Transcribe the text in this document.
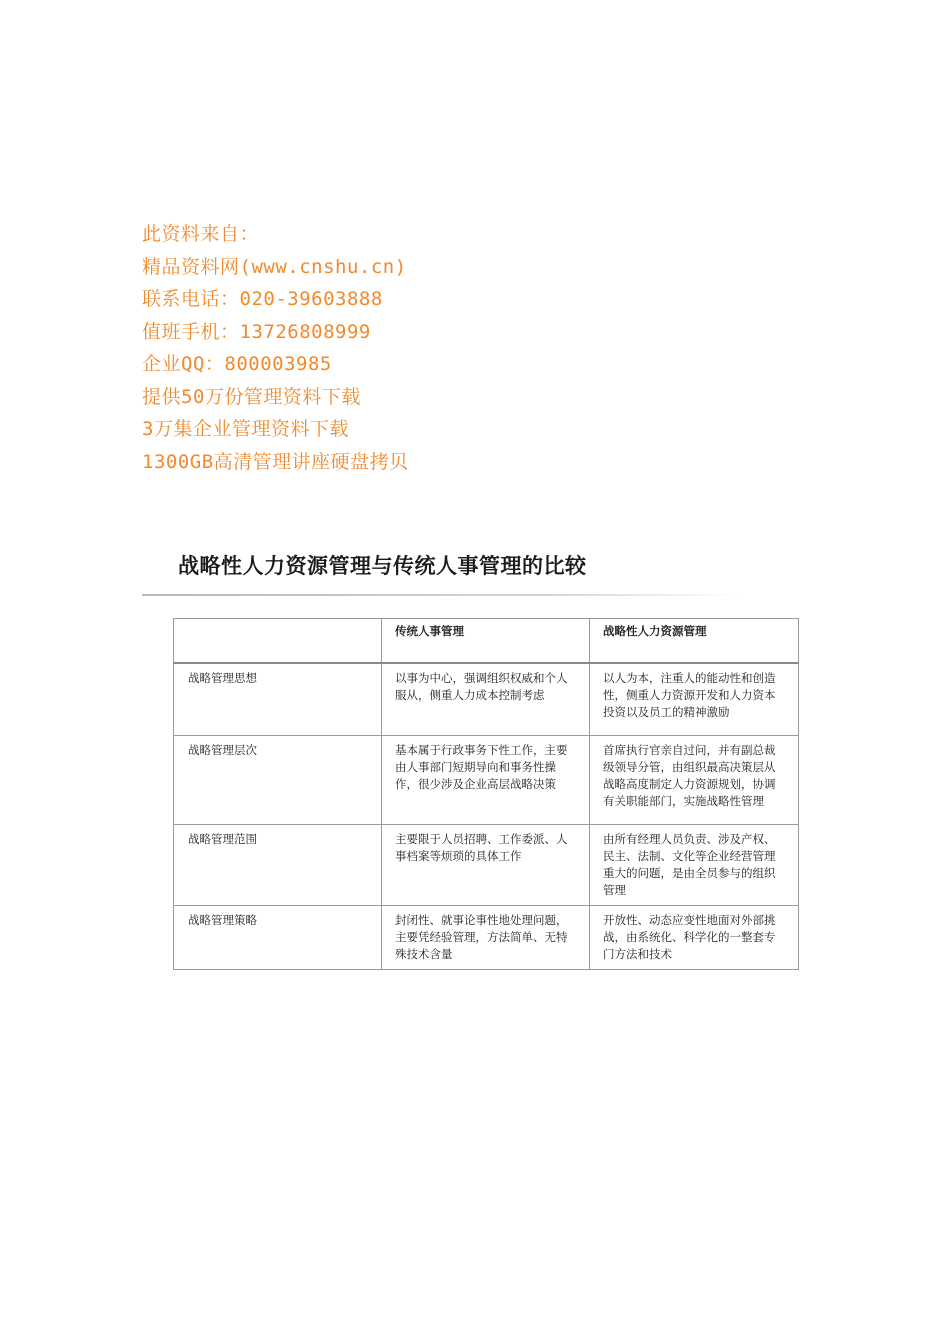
此资料来自：
精品资料网(www.cnshu.cn)
联系电话：020-39603888
值班手机：13726808999
企业QQ：800003985
提供50万份管理资料下载
3万集企业管理资料下载
1300GB高清管理讲座硬盘拷贝
战略性人力资源管理与传统人事管理的比较
	传统人事管理	战略性人力资源管理
战略管理思想	以事为中心，强调组织权威和个人服从，侧重人力成本控制考虑	以人为本，注重人的能动性和创造性，侧重人力资源开发和人力资本投资以及员工的精神激励
战略管理层次	基本属于行政事务下性工作，主要由人事部门短期导向和事务性操作，很少涉及企业高层战略决策	首席执行官亲自过问，并有副总裁级领导分管，由组织最高决策层从战略高度制定人力资源规划，协调有关职能部门，实施战略性管理
战略管理范围	主要限于人员招聘、工作委派、人事档案等烦琐的具体工作	由所有经理人员负责、涉及产权、民主、法制、文化等企业经营管理重大的问题，是由全员参与的组织管理
战略管理策略	封闭性、就事论事性地处理问题，主要凭经验管理，方法简单、无特殊技术含量	开放性、动态应变性地面对外部挑战，由系统化、科学化的一整套专门方法和技术
